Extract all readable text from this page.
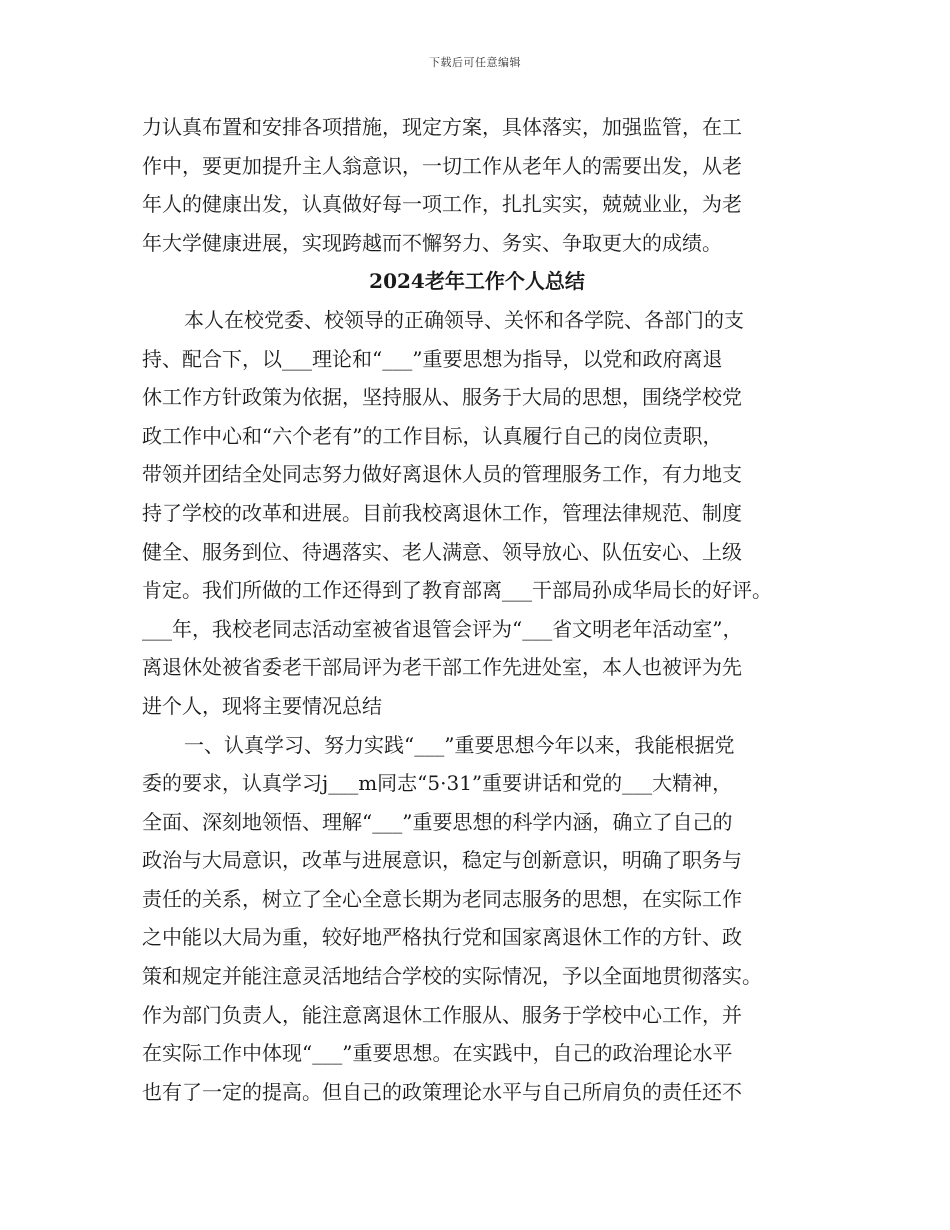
下载后可任意编辑
力认真布置和安排各项措施，现定方案，具体落实，加强监管，在工
作中，要更加提升主人翁意识，一切工作从老年人的需要出发，从老
年人的健康出发，认真做好每一项工作，扎扎实实，兢兢业业，为老
年大学健康进展，实现跨越而不懈努力、务实、争取更大的成绩。
2024老年工作个人总结
本人在校党委、校领导的正确领导、关怀和各学院、各部门的支
持、配合下，以___理论和“___”重要思想为指导，以党和政府离退
休工作方针政策为依据，坚持服从、服务于大局的思想，围绕学校党
政工作中心和“六个老有”的工作目标，认真履行自己的岗位责职，
带领并团结全处同志努力做好离退休人员的管理服务工作，有力地支
持了学校的改革和进展。目前我校离退休工作，管理法律规范、制度
健全、服务到位、待遇落实、老人满意、领导放心、队伍安心、上级
肯定。我们所做的工作还得到了教育部离___干部局孙成华局长的好评。
___年，我校老同志活动室被省退管会评为“___省文明老年活动室”，
离退休处被省委老干部局评为老干部工作先进处室，本人也被评为先
进个人，现将主要情况总结
一、认真学习、努力实践“___”重要思想今年以来，我能根据党
委的要求，认真学习j___m同志“5·31”重要讲话和党的___大精神，
全面、深刻地领悟、理解“___”重要思想的科学内涵，确立了自己的
政治与大局意识，改革与进展意识，稳定与创新意识，明确了职务与
责任的关系，树立了全心全意长期为老同志服务的思想，在实际工作
之中能以大局为重，较好地严格执行党和国家离退休工作的方针、政
策和规定并能注意灵活地结合学校的实际情况，予以全面地贯彻落实。
作为部门负责人，能注意离退休工作服从、服务于学校中心工作，并
在实际工作中体现“___”重要思想。在实践中，自己的政治理论水平
也有了一定的提高。但自己的政策理论水平与自己所肩负的责任还不
